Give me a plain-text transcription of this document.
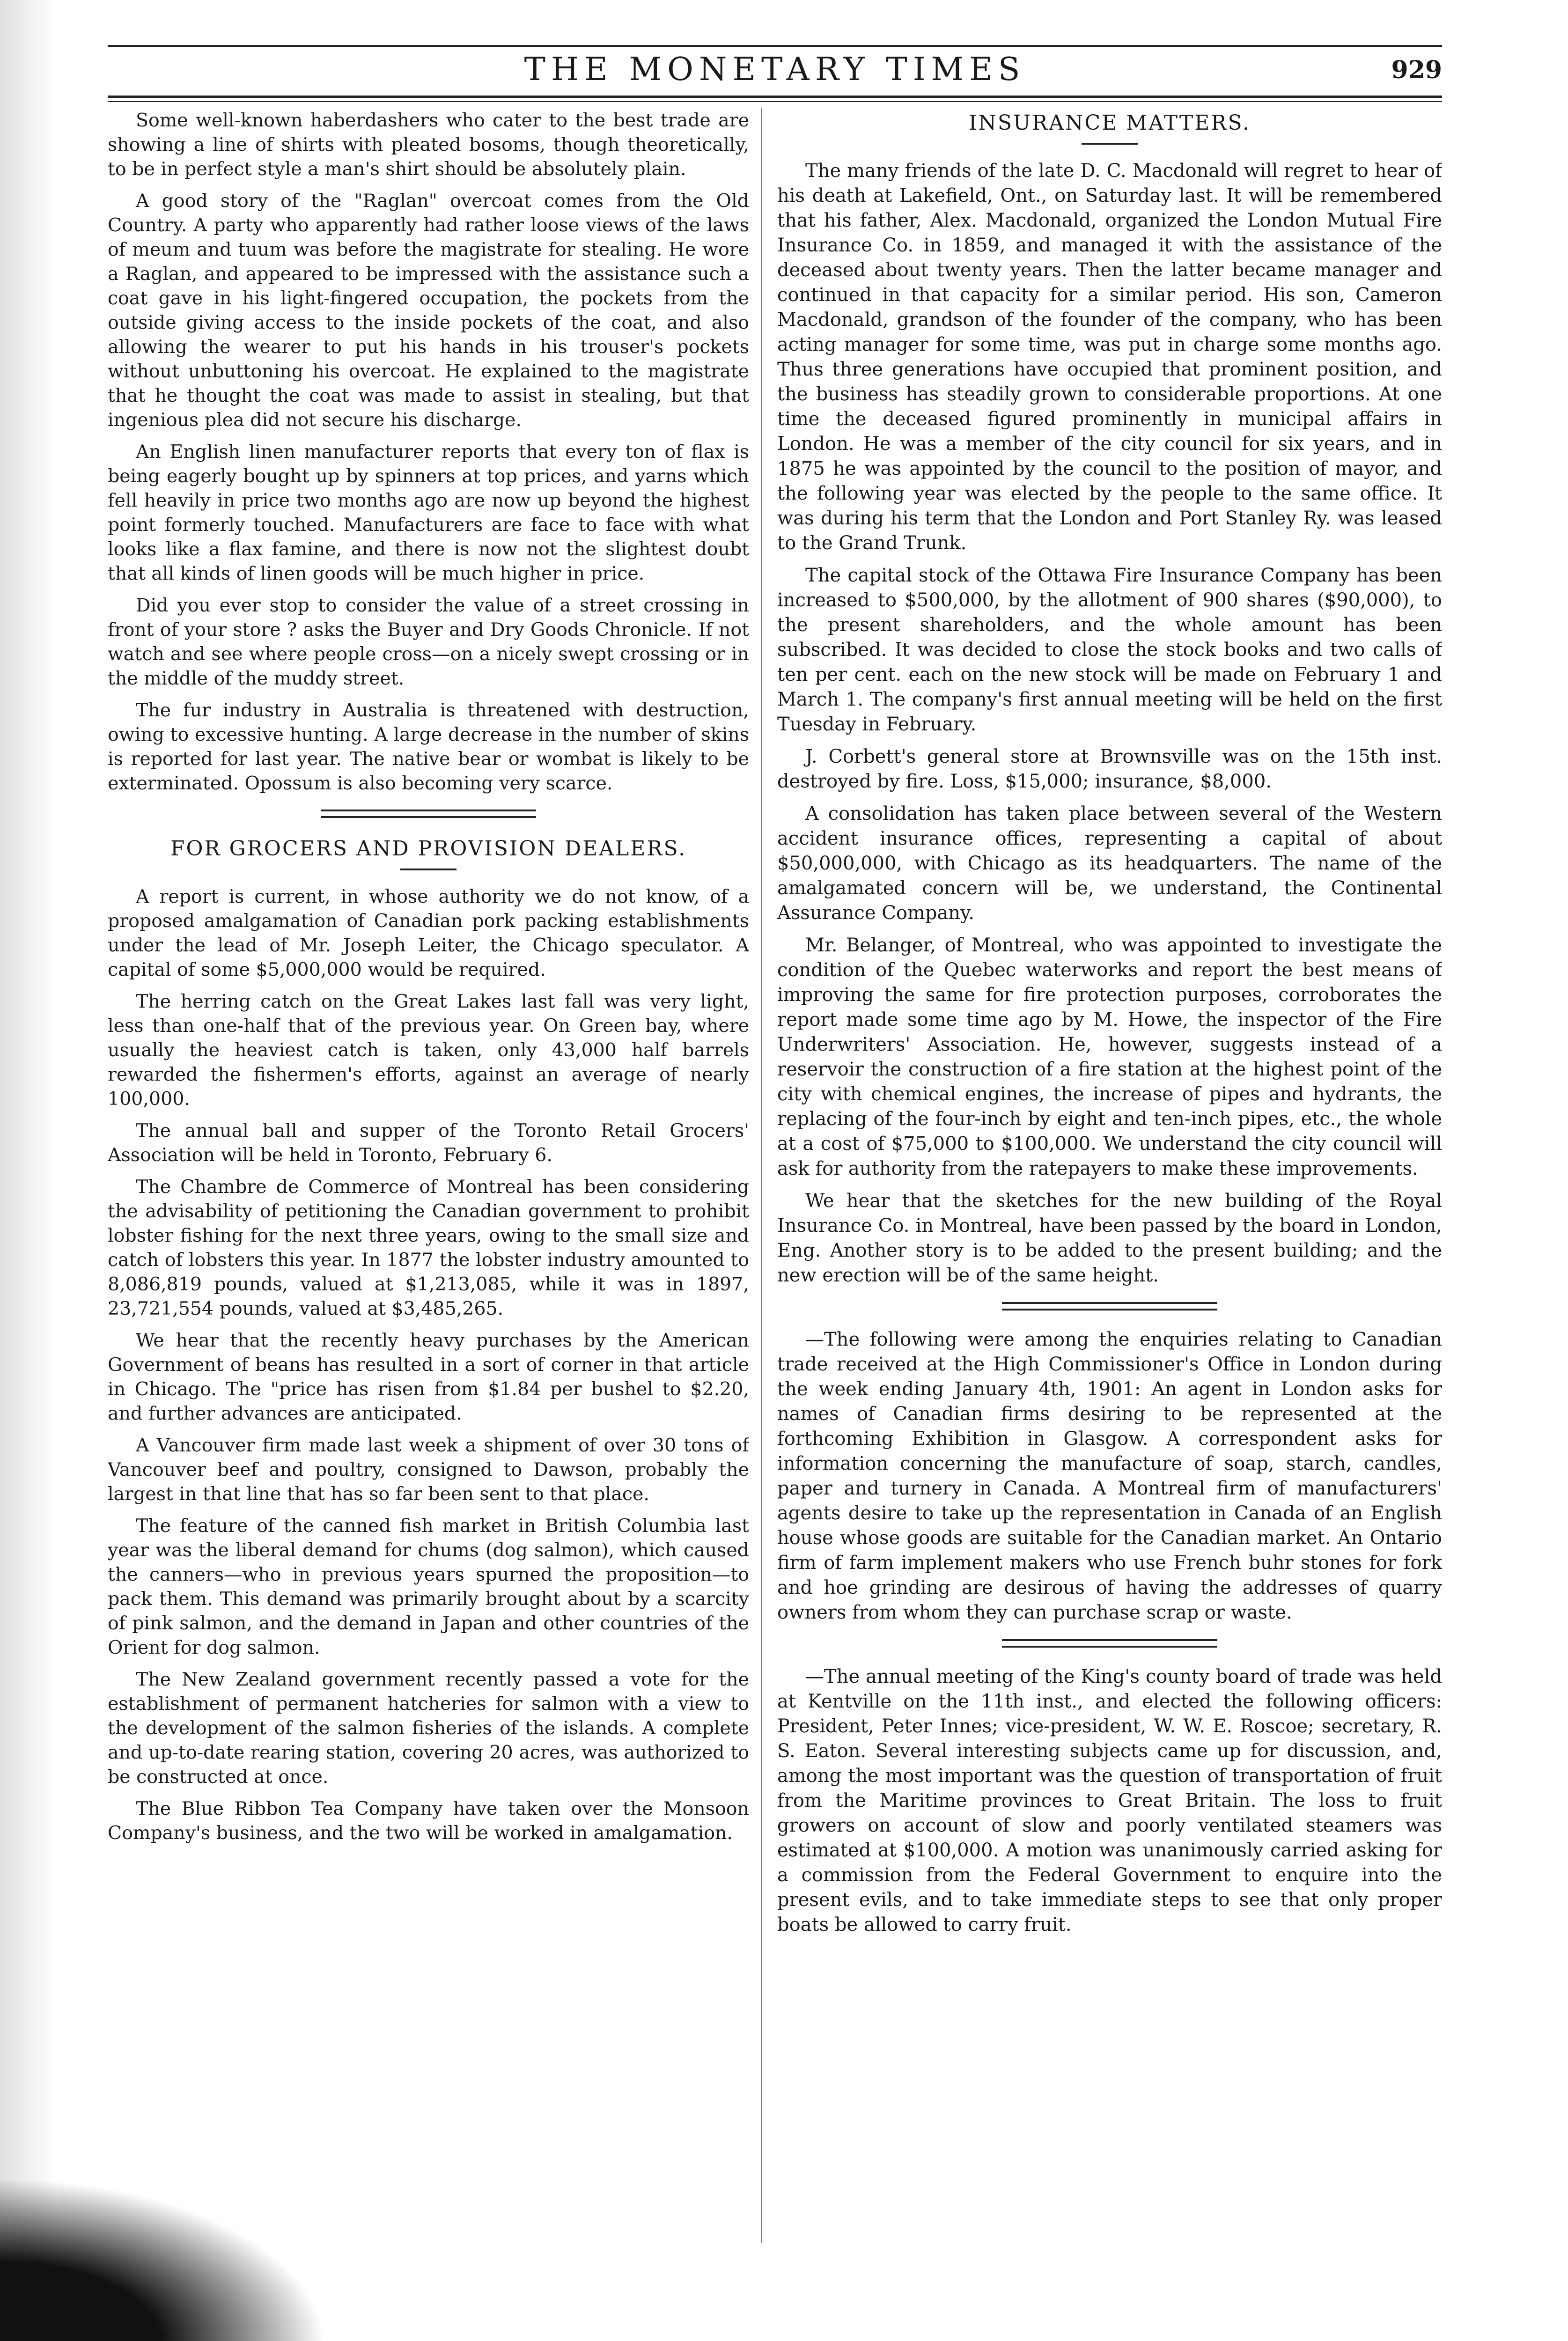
THE MONETARY TIMES	929

Some well-known haberdashers who cater to the best trade are showing a line of shirts with pleated bosoms, though theoretically, to be in perfect style a man's shirt should be absolutely plain.

A good story of the "Raglan" overcoat comes from the Old Country. A party who apparently had rather loose views of the laws of meum and tuum was before the magistrate for stealing. He wore a Raglan, and appeared to be impressed with the assistance such a coat gave in his light-fingered occupation, the pockets from the outside giving access to the inside pockets of the coat, and also allowing the wearer to put his hands in his trouser's pockets without unbuttoning his overcoat. He explained to the magistrate that he thought the coat was made to assist in stealing, but that ingenious plea did not secure his discharge.

An English linen manufacturer reports that every ton of flax is being eagerly bought up by spinners at top prices, and yarns which fell heavily in price two months ago are now up beyond the highest point formerly touched. Manufacturers are face to face with what looks like a flax famine, and there is now not the slightest doubt that all kinds of linen goods will be much higher in price.

Did you ever stop to consider the value of a street crossing in front of your store ? asks the Buyer and Dry Goods Chronicle. If not watch and see where people cross—on a nicely swept crossing or in the middle of the muddy street.

The fur industry in Australia is threatened with destruction, owing to excessive hunting. A large decrease in the number of skins is reported for last year. The native bear or wombat is likely to be exterminated. Opossum is also becoming very scarce.

FOR GROCERS AND PROVISION DEALERS.

A report is current, in whose authority we do not know, of a proposed amalgamation of Canadian pork packing establishments under the lead of Mr. Joseph Leiter, the Chicago speculator. A capital of some $5,000,000 would be required.

The herring catch on the Great Lakes last fall was very light, less than one-half that of the previous year. On Green bay, where usually the heaviest catch is taken, only 43,000 half barrels rewarded the fishermen's efforts, against an average of nearly 100,000.

The annual ball and supper of the Toronto Retail Grocers' Association will be held in Toronto, February 6.

The Chambre de Commerce of Montreal has been considering the advisability of petitioning the Canadian government to prohibit lobster fishing for the next three years, owing to the small size and catch of lobsters this year. In 1877 the lobster industry amounted to 8,086,819 pounds, valued at $1,213,085, while it was in 1897, 23,721,554 pounds, valued at $3,485,265.

We hear that the recently heavy purchases by the American Government of beans has resulted in a sort of corner in that article in Chicago. The "price has risen from $1.84 per bushel to $2.20, and further advances are anticipated.

A Vancouver firm made last week a shipment of over 30 tons of Vancouver beef and poultry, consigned to Dawson, probably the largest in that line that has so far been sent to that place.

The feature of the canned fish market in British Columbia last year was the liberal demand for chums (dog salmon), which caused the canners—who in previous years spurned the proposition—to pack them. This demand was primarily brought about by a scarcity of pink salmon, and the demand in Japan and other countries of the Orient for dog salmon.

The New Zealand government recently passed a vote for the establishment of permanent hatcheries for salmon with a view to the development of the salmon fisheries of the islands. A complete and up-to-date rearing station, covering 20 acres, was authorized to be constructed at once.

The Blue Ribbon Tea Company have taken over the Monsoon Company's business, and the two will be worked in amalgamation.

INSURANCE MATTERS.

The many friends of the late D. C. Macdonald will regret to hear of his death at Lakefield, Ont., on Saturday last. It will be remembered that his father, Alex. Macdonald, organized the London Mutual Fire Insurance Co. in 1859, and managed it with the assistance of the deceased about twenty years. Then the latter became manager and continued in that capacity for a similar period. His son, Cameron Macdonald, grandson of the founder of the company, who has been acting manager for some time, was put in charge some months ago. Thus three generations have occupied that prominent position, and the business has steadily grown to considerable proportions. At one time the deceased figured prominently in municipal affairs in London. He was a member of the city council for six years, and in 1875 he was appointed by the council to the position of mayor, and the following year was elected by the people to the same office. It was during his term that the London and Port Stanley Ry. was leased to the Grand Trunk.

The capital stock of the Ottawa Fire Insurance Company has been increased to $500,000, by the allotment of 900 shares ($90,000), to the present shareholders, and the whole amount has been subscribed. It was decided to close the stock books and two calls of ten per cent. each on the new stock will be made on February 1 and March 1. The company's first annual meeting will be held on the first Tuesday in February.

J. Corbett's general store at Brownsville was on the 15th inst. destroyed by fire. Loss, $15,000; insurance, $8,000.

A consolidation has taken place between several of the Western accident insurance offices, representing a capital of about $50,000,000, with Chicago as its headquarters. The name of the amalgamated concern will be, we understand, the Continental Assurance Company.

Mr. Belanger, of Montreal, who was appointed to investigate the condition of the Quebec waterworks and report the best means of improving the same for fire protection purposes, corroborates the report made some time ago by M. Howe, the inspector of the Fire Underwriters' Association. He, however, suggests instead of a reservoir the construction of a fire station at the highest point of the city with chemical engines, the increase of pipes and hydrants, the replacing of the four-inch by eight and ten-inch pipes, etc., the whole at a cost of $75,000 to $100,000. We understand the city council will ask for authority from the ratepayers to make these improvements.

We hear that the sketches for the new building of the Royal Insurance Co. in Montreal, have been passed by the board in London, Eng. Another story is to be added to the present building; and the new erection will be of the same height.

—The following were among the enquiries relating to Canadian trade received at the High Commissioner's Office in London during the week ending January 4th, 1901: An agent in London asks for names of Canadian firms desiring to be represented at the forthcoming Exhibition in Glasgow. A correspondent asks for information concerning the manufacture of soap, starch, candles, paper and turnery in Canada. A Montreal firm of manufacturers' agents desire to take up the representation in Canada of an English house whose goods are suitable for the Canadian market. An Ontario firm of farm implement makers who use French buhr stones for fork and hoe grinding are desirous of having the addresses of quarry owners from whom they can purchase scrap or waste.

—The annual meeting of the King's county board of trade was held at Kentville on the 11th inst., and elected the following officers: President, Peter Innes; vice-president, W. W. E. Roscoe; secretary, R. S. Eaton. Several interesting subjects came up for discussion, and, among the most important was the question of transportation of fruit from the Maritime provinces to Great Britain. The loss to fruit growers on account of slow and poorly ventilated steamers was estimated at $100,000. A motion was unanimously carried asking for a commission from the Federal Government to enquire into the present evils, and to take immediate steps to see that only proper boats be allowed to carry fruit.
